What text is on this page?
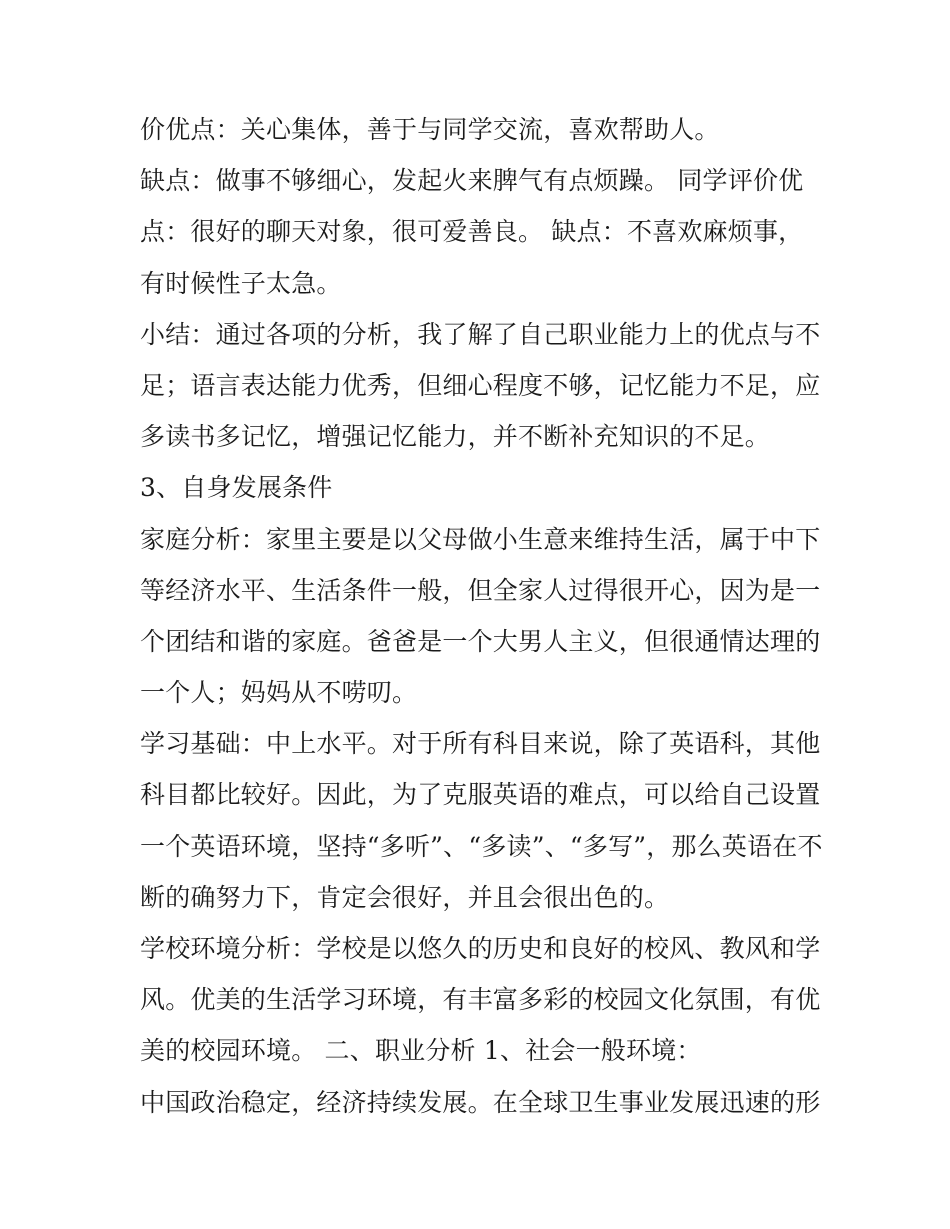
价优点：关心集体，善于与同学交流，喜欢帮助人。
缺点：做事不够细心，发起火来脾气有点烦躁。 同学评价优
点：很好的聊天对象，很可爱善良。 缺点：不喜欢麻烦事，
有时候性子太急。
小结：通过各项的分析，我了解了自己职业能力上的优点与不
足；语言表达能力优秀，但细心程度不够，记忆能力不足，应
多读书多记忆，增强记忆能力，并不断补充知识的不足。
3、自身发展条件
家庭分析：家里主要是以父母做小生意来维持生活，属于中下
等经济水平、生活条件一般，但全家人过得很开心，因为是一
个团结和谐的家庭。爸爸是一个大男人主义，但很通情达理的
一个人；妈妈从不唠叨。
学习基础：中上水平。对于所有科目来说，除了英语科，其他
科目都比较好。因此，为了克服英语的难点，可以给自己设置
一个英语环境，坚持“多听”、“多读”、“多写”，那么英语在不
断的确努力下，肯定会很好，并且会很出色的。
学校环境分析：学校是以悠久的历史和良好的校风、教风和学
风。优美的生活学习环境，有丰富多彩的校园文化氛围，有优
美的校园环境。 二、职业分析 1、社会一般环境：
中国政治稳定，经济持续发展。在全球卫生事业发展迅速的形
